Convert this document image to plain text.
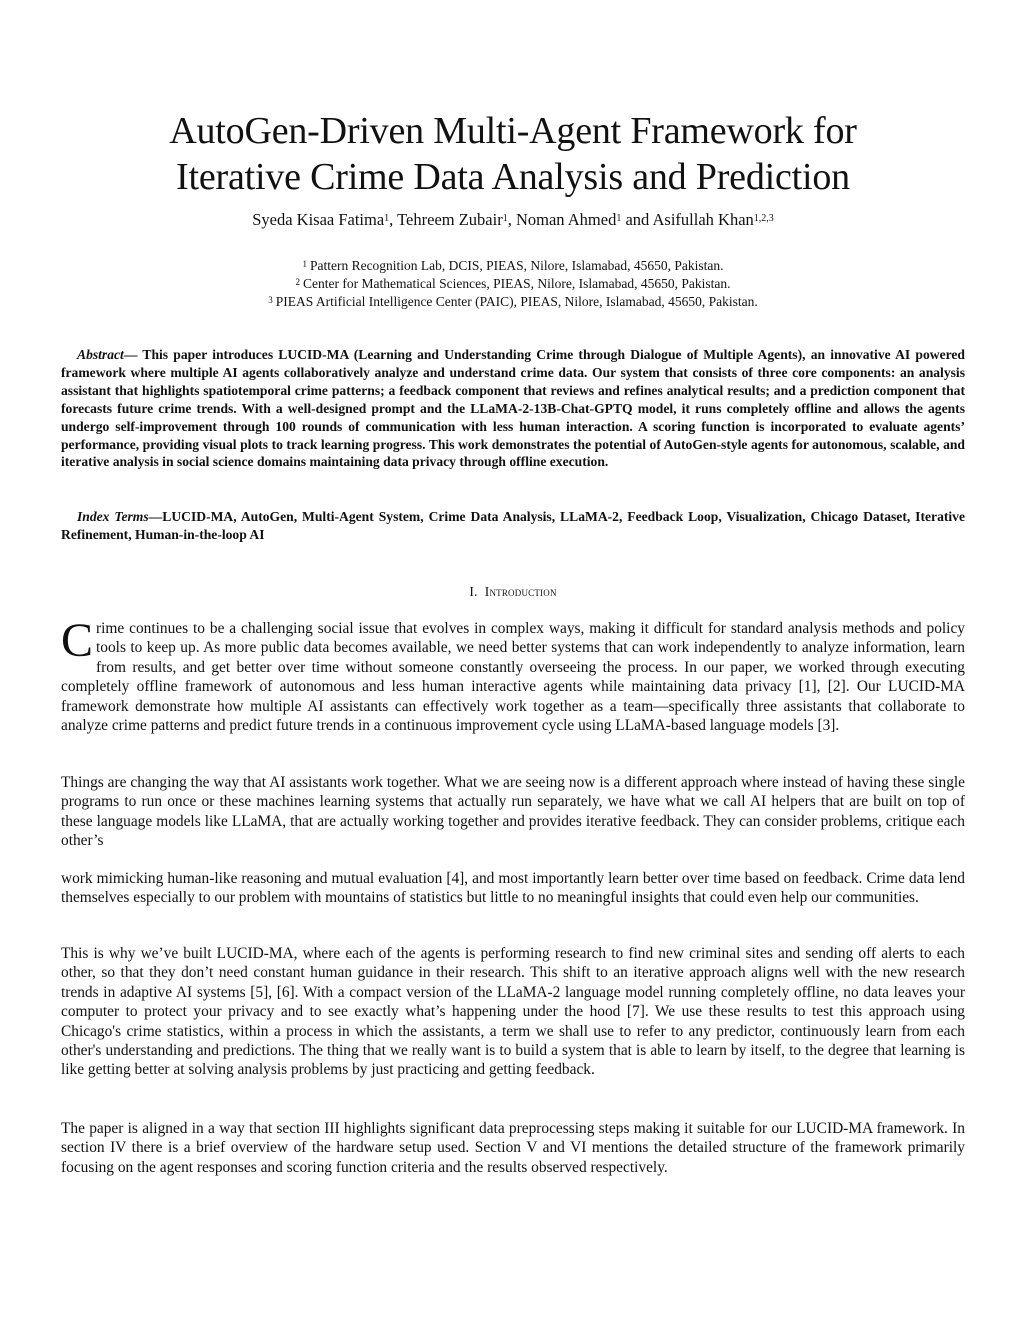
AutoGen-Driven Multi-Agent Framework for
Iterative Crime Data Analysis and Prediction
Syeda Kisaa Fatima$^1$, Tehreem Zubair$^1$, Noman Ahmed$^1$ and Asifullah Khan$^{1,2,3}$
$^1$ Pattern Recognition Lab, DCIS, PIEAS, Nilore, Islamabad, 45650, Pakistan.
$^2$ Center for Mathematical Sciences, PIEAS, Nilore, Islamabad, 45650, Pakistan.
$^3$ PIEAS Artificial Intelligence Center (PAIC), PIEAS, Nilore, Islamabad, 45650, Pakistan.

Abstract— This paper introduces LUCID-MA (Learning and Understanding Crime through Dialogue of Multiple Agents), an innovative AI powered framework where multiple AI agents collaboratively analyze and understand crime data. Our system that consists of three core components: an analysis assistant that highlights spatiotemporal crime patterns; a feedback component that reviews and refines analytical results; and a prediction component that forecasts future crime trends. With a well-designed prompt and the LLaMA-2-13B-Chat-GPTQ model, it runs completely offline and allows the agents undergo self-improvement through 100 rounds of communication with less human interaction. A scoring function is incorporated to evaluate agents’ performance, providing visual plots to track learning progress. This work demonstrates the potential of AutoGen-style agents for autonomous, scalable, and iterative analysis in social science domains maintaining data privacy through offline execution.

Index Terms—LUCID-MA, AutoGen, Multi-Agent System, Crime Data Analysis, LLaMA-2, Feedback Loop, Visualization, Chicago Dataset, Iterative Refinement, Human-in-the-loop AI

I. Introduction

Crime continues to be a challenging social issue that evolves in complex ways, making it difficult for standard analysis methods and policy tools to keep up. As more public data becomes available, we need better systems that can work independently to analyze information, learn from results, and get better over time without someone constantly overseeing the process. In our paper, we worked through executing completely offline framework of autonomous and less human interactive agents while maintaining data privacy [1], [2]. Our LUCID-MA framework demonstrate how multiple AI assistants can effectively work together as a team—specifically three assistants that collaborate to analyze crime patterns and predict future trends in a continuous improvement cycle using LLaMA-based language models [3].

Things are changing the way that AI assistants work together. What we are seeing now is a different approach where instead of having these single programs to run once or these machines learning systems that actually run separately, we have what we call AI helpers that are built on top of these language models like LLaMA, that are actually working together and provides iterative feedback. They can consider problems, critique each other’s

work mimicking human-like reasoning and mutual evaluation [4], and most importantly learn better over time based on feedback. Crime data lend themselves especially to our problem with mountains of statistics but little to no meaningful insights that could even help our communities.

This is why we’ve built LUCID-MA, where each of the agents is performing research to find new criminal sites and sending off alerts to each other, so that they don’t need constant human guidance in their research. This shift to an iterative approach aligns well with the new research trends in adaptive AI systems [5], [6]. With a compact version of the LLaMA-2 language model running completely offline, no data leaves your computer to protect your privacy and to see exactly what’s happening under the hood [7]. We use these results to test this approach using Chicago's crime statistics, within a process in which the assistants, a term we shall use to refer to any predictor, continuously learn from each other's understanding and predictions. The thing that we really want is to build a system that is able to learn by itself, to the degree that learning is like getting better at solving analysis problems by just practicing and getting feedback.

The paper is aligned in a way that section III highlights significant data preprocessing steps making it suitable for our LUCID-MA framework. In section IV there is a brief overview of the hardware setup used. Section V and VI mentions the detailed structure of the framework primarily focusing on the agent responses and scoring function criteria and the results observed respectively.
